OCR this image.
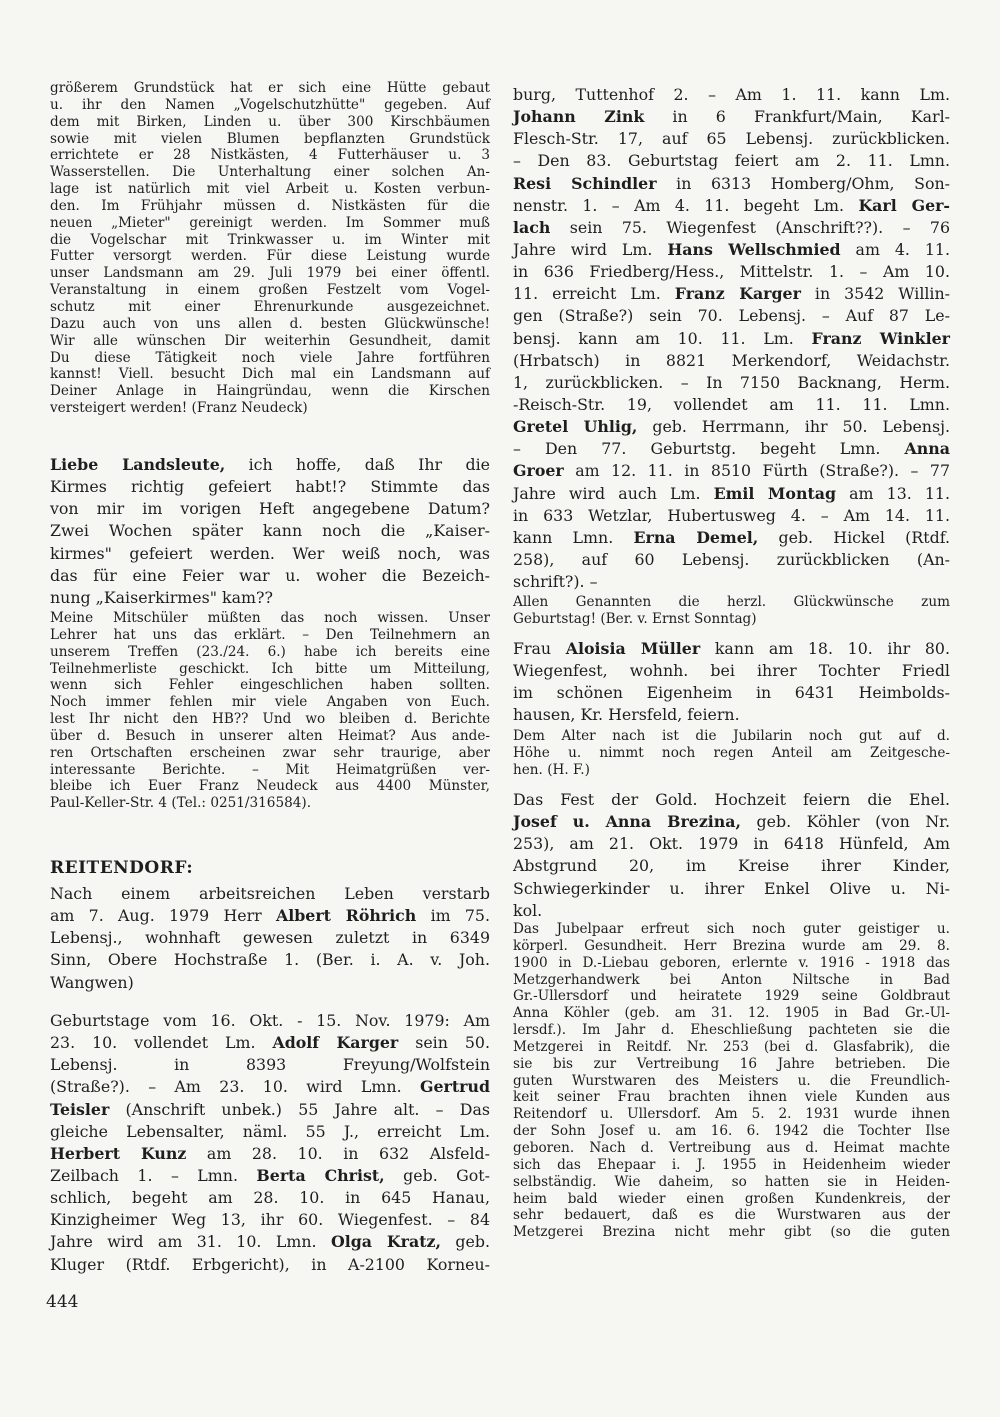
größerem Grundstück hat er sich eine Hütte gebaut
u. ihr den Namen „Vogelschutzhütte" gegeben. Auf
dem mit Birken, Linden u. über 300 Kirschbäumen
sowie mit vielen Blumen bepflanzten Grundstück
errichtete er 28 Nistkästen, 4 Futterhäuser u. 3
Wasserstellen. Die Unterhaltung einer solchen An-
lage ist natürlich mit viel Arbeit u. Kosten verbun-
den. Im Frühjahr müssen d. Nistkästen für die
neuen „Mieter" gereinigt werden. Im Sommer muß
die Vogelschar mit Trinkwasser u. im Winter mit
Futter versorgt werden. Für diese Leistung wurde
unser Landsmann am 29. Juli 1979 bei einer öffentl.
Veranstaltung in einem großen Festzelt vom Vogel-
schutz mit einer Ehrenurkunde ausgezeichnet.
Dazu auch von uns allen d. besten Glückwünsche!
Wir alle wünschen Dir weiterhin Gesundheit, damit
Du diese Tätigkeit noch viele Jahre fortführen
kannst! Viell. besucht Dich mal ein Landsmann auf
Deiner Anlage in Haingründau, wenn die Kirschen
versteigert werden! (Franz Neudeck)
Liebe Landsleute, ich hoffe, daß Ihr die
Kirmes richtig gefeiert habt!? Stimmte das
von mir im vorigen Heft angegebene Datum?
Zwei Wochen später kann noch die „Kaiser-
kirmes" gefeiert werden. Wer weiß noch, was
das für eine Feier war u. woher die Bezeich-
nung „Kaiserkirmes" kam??
Meine Mitschüler müßten das noch wissen. Unser
Lehrer hat uns das erklärt. – Den Teilnehmern an
unserem Treffen (23./24. 6.) habe ich bereits eine
Teilnehmerliste geschickt. Ich bitte um Mitteilung,
wenn sich Fehler eingeschlichen haben sollten.
Noch immer fehlen mir viele Angaben von Euch.
lest Ihr nicht den HB?? Und wo bleiben d. Berichte
über d. Besuch in unserer alten Heimat? Aus ande-
ren Ortschaften erscheinen zwar sehr traurige, aber
interessante Berichte. – Mit Heimatgrüßen ver-
bleibe ich Euer Franz Neudeck aus 4400 Münster,
Paul-Keller-Str. 4 (Tel.: 0251/316584).
REITENDORF:
Nach einem arbeitsreichen Leben verstarb
am 7. Aug. 1979 Herr Albert Röhrich im 75.
Lebensj., wohnhaft gewesen zuletzt in 6349
Sinn, Obere Hochstraße 1. (Ber. i. A. v. Joh.
Wangwen)
Geburtstage vom 16. Okt. - 15. Nov. 1979: Am
23. 10. vollendet Lm. Adolf Karger sein 50.
Lebensj. in 8393 Freyung/Wolfstein
(Straße?). – Am 23. 10. wird Lmn. Gertrud
Teisler (Anschrift unbek.) 55 Jahre alt. – Das
gleiche Lebensalter, näml. 55 J., erreicht Lm.
Herbert Kunz am 28. 10. in 632 Alsfeld-
Zeilbach 1. – Lmn. Berta Christ, geb. Got-
schlich, begeht am 28. 10. in 645 Hanau,
Kinzigheimer Weg 13, ihr 60. Wiegenfest. – 84
Jahre wird am 31. 10. Lmn. Olga Kratz, geb.
Kluger (Rtdf. Erbgericht), in A-2100 Korneu-
444
burg, Tuttenhof 2. – Am 1. 11. kann Lm.
Johann Zink in 6 Frankfurt/Main, Karl-
Flesch-Str. 17, auf 65 Lebensj. zurückblicken.
– Den 83. Geburtstag feiert am 2. 11. Lmn.
Resi Schindler in 6313 Homberg/Ohm, Son-
nenstr. 1. – Am 4. 11. begeht Lm. Karl Ger-
lach sein 75. Wiegenfest (Anschrift??). – 76
Jahre wird Lm. Hans Wellschmied am 4. 11.
in 636 Friedberg/Hess., Mittelstr. 1. – Am 10.
11. erreicht Lm. Franz Karger in 3542 Willin-
gen (Straße?) sein 70. Lebensj. – Auf 87 Le-
bensj. kann am 10. 11. Lm. Franz Winkler
(Hrbatsch) in 8821 Merkendorf, Weidachstr.
1, zurückblicken. – In 7150 Backnang, Herm.
-Reisch-Str. 19, vollendet am 11. 11. Lmn.
Gretel Uhlig, geb. Herrmann, ihr 50. Lebensj.
– Den 77. Geburtstg. begeht Lmn. Anna
Groer am 12. 11. in 8510 Fürth (Straße?). – 77
Jahre wird auch Lm. Emil Montag am 13. 11.
in 633 Wetzlar, Hubertusweg 4. – Am 14. 11.
kann Lmn. Erna Demel, geb. Hickel (Rtdf.
258), auf 60 Lebensj. zurückblicken (An-
schrift?). –
Allen Genannten die herzl. Glückwünsche zum
Geburtstag! (Ber. v. Ernst Sonntag)
Frau Aloisia Müller kann am 18. 10. ihr 80.
Wiegenfest, wohnh. bei ihrer Tochter Friedl
im schönen Eigenheim in 6431 Heimbolds-
hausen, Kr. Hersfeld, feiern.
Dem Alter nach ist die Jubilarin noch gut auf d.
Höhe u. nimmt noch regen Anteil am Zeitgesche-
hen. (H. F.)
Das Fest der Gold. Hochzeit feiern die Ehel.
Josef u. Anna Brezina, geb. Köhler (von Nr.
253), am 21. Okt. 1979 in 6418 Hünfeld, Am
Abstgrund 20, im Kreise ihrer Kinder,
Schwiegerkinder u. ihrer Enkel Olive u. Ni-
kol.
Das Jubelpaar erfreut sich noch guter geistiger u.
körperl. Gesundheit. Herr Brezina wurde am 29. 8.
1900 in D.-Liebau geboren, erlernte v. 1916 - 1918 das
Metzgerhandwerk bei Anton Niltsche in Bad
Gr.-Ullersdorf und heiratete 1929 seine Goldbraut
Anna Köhler (geb. am 31. 12. 1905 in Bad Gr.-Ul-
lersdf.). Im Jahr d. Eheschließung pachteten sie die
Metzgerei in Reitdf. Nr. 253 (bei d. Glasfabrik), die
sie bis zur Vertreibung 16 Jahre betrieben. Die
guten Wurstwaren des Meisters u. die Freundlich-
keit seiner Frau brachten ihnen viele Kunden aus
Reitendorf u. Ullersdorf. Am 5. 2. 1931 wurde ihnen
der Sohn Josef u. am 16. 6. 1942 die Tochter Ilse
geboren. Nach d. Vertreibung aus d. Heimat machte
sich das Ehepaar i. J. 1955 in Heidenheim wieder
selbständig. Wie daheim, so hatten sie in Heiden-
heim bald wieder einen großen Kundenkreis, der
sehr bedauert, daß es die Wurstwaren aus der
Metzgerei Brezina nicht mehr gibt (so die guten
